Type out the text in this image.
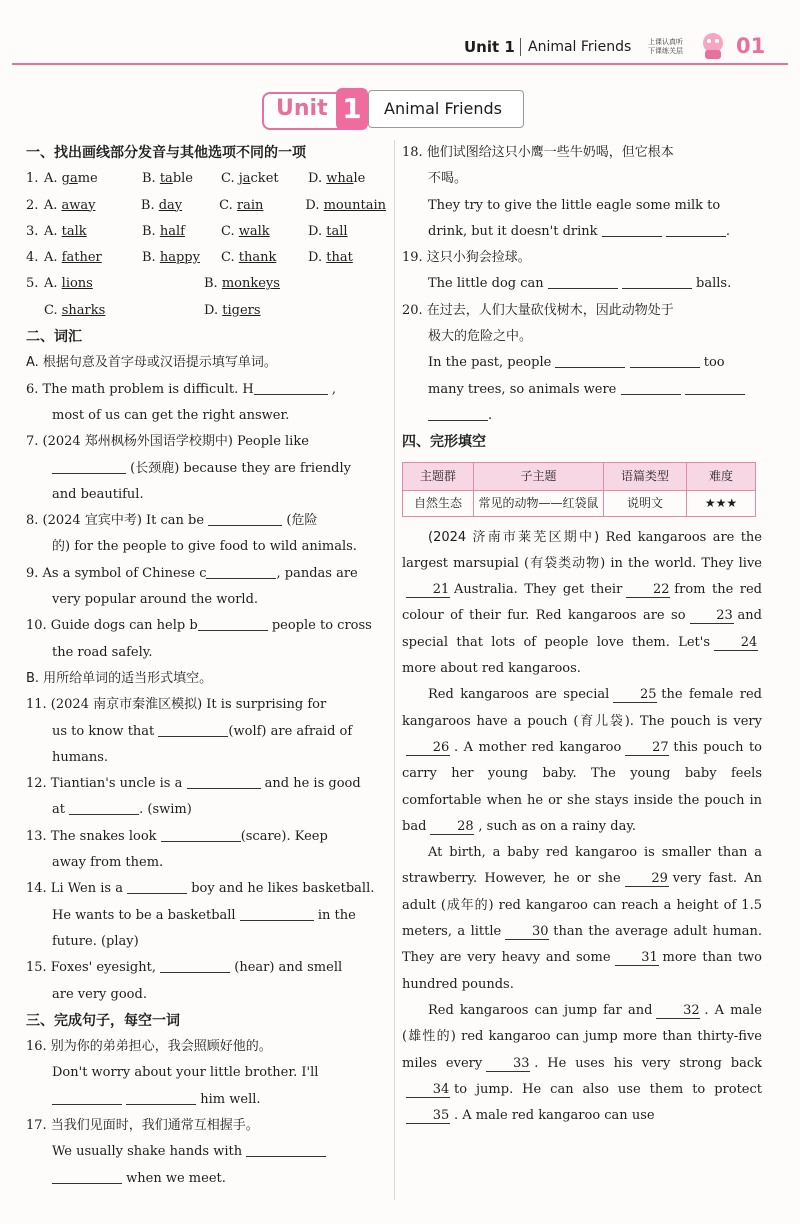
Unit 1 Animal Friends 上课认真听
下课练关层	01
Unit 1	Animal Friends
一、找出画线部分发音与其他选项不同的一项
1. A. game	B. table	C. jacket	D. whale
2. A. away	B. day	C. rain	D. mountain
3. A. talk	B. half	C. walk	D. tall
4. A. father	B. happy	C. thank	D. that
5. A. lions	B. monkeys
C. sharks	D. tigers
二、词汇
A. 根据句意及首字母或汉语提示填写单词。
6. The math problem is difficult. H	,
most of us can get the right answer.
7. (2024 郑州枫杨外国语学校期中) People like
(长颈鹿) because they are friendly
and beautiful.
8. (2024 宜宾中考) It can be	(危险
的) for the people to give food to wild animals.
9. As a symbol of Chinese c	, pandas are
very popular around the world.
10. Guide dogs can help b	people to cross
the road safely.
B. 用所给单词的适当形式填空。
11. (2024 南京市秦淮区模拟) It is surprising for
us to know that	(wolf) are afraid of
humans.
12. Tiantian's uncle is a	and he is good
at	. (swim)
13. The snakes look	(scare). Keep
away from them.
14. Li Wen is a	boy and he likes basketball.
He wants to be a basketball	in the
future. (play)
15. Foxes' eyesight,	(hear) and smell
are very good.
三、完成句子，每空一词
16. 别为你的弟弟担心，我会照顾好他的。
Don't worry about your little brother. I'll
him well.
17. 当我们见面时，我们通常互相握手。
We usually shake hands with
when we meet.
18. 他们试图给这只小鹰一些牛奶喝，但它根本
不喝。
They try to give the little eagle some milk to
drink, but it doesn't drink	.
19. 这只小狗会捡球。
The little dog can	balls.
20. 在过去，人们大量砍伐树木，因此动物处于
极大的危险之中。
In the past, people	too
many trees, so animals were
.
四、完形填空
主题群	子主题	语篇类型	难度
自然生态	常见的动物——红袋鼠	说明文	★★★
(2024 济南市莱芜区期中) Red kangaroos are the largest marsupial (有袋类动物) in the world. They live21 Australia. They get their 22 from the red colour of their fur. Red kangaroos are so 23 and special that lots of people love them. Let's 24more about red kangaroos.
Red kangaroos are special 25 the female red kangaroos have a pouch (育儿袋). The pouch is very26 . A mother red kangaroo 27 this pouch to carry her young baby. The young baby feels comfortable when he or she stays inside the pouch in bad 28 , such as on a rainy day.
At birth, a baby red kangaroo is smaller than a strawberry. However, he or she 29 very fast. An adult (成年的) red kangaroo can reach a height of 1.5 meters, a little 30 than the average adult human. They are very heavy and some 31 more than two hundred pounds.
Red kangaroos can jump far and 32 . A male (雄性的) red kangaroo can jump more than thirty-five miles every 33 . He uses his very strong back34 to jump. He can also use them to protect35 . A male red kangaroo can use
